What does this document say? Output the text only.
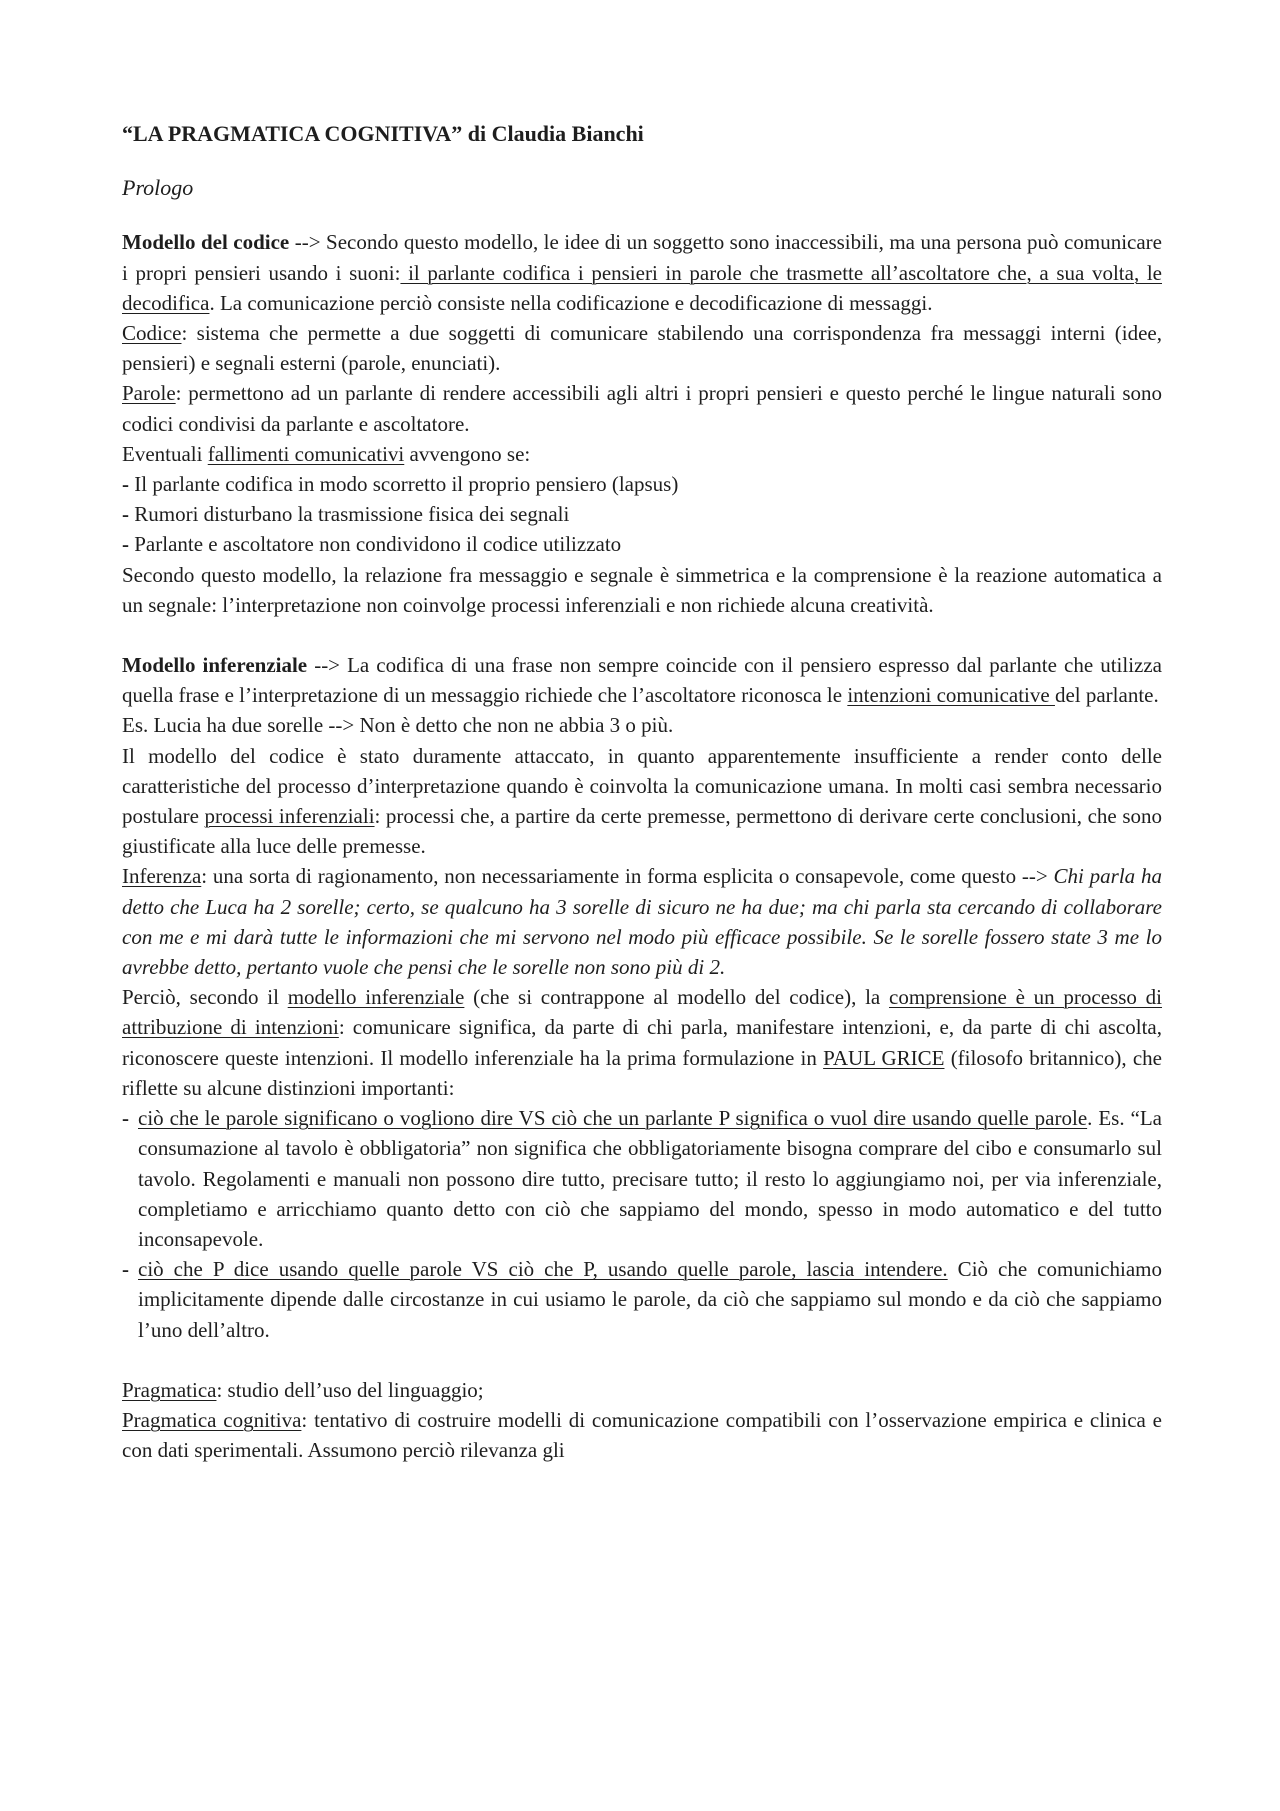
“LA PRAGMATICA COGNITIVA” di Claudia Bianchi

Prologo

Modello del codice --> Secondo questo modello, le idee di un soggetto sono inaccessibili, ma una persona può comunicare i propri pensieri usando i suoni: il parlante codifica i pensieri in parole che trasmette all’ascoltatore che, a sua volta, le decodifica. La comunicazione perciò consiste nella codificazione e decodificazione di messaggi.

Codice: sistema che permette a due soggetti di comunicare stabilendo una corrispondenza fra messaggi interni (idee, pensieri) e segnali esterni (parole, enunciati).

Parole: permettono ad un parlante di rendere accessibili agli altri i propri pensieri e questo perché le lingue naturali sono codici condivisi da parlante e ascoltatore.

Eventuali fallimenti comunicativi avvengono se:

- Il parlante codifica in modo scorretto il proprio pensiero (lapsus)

- Rumori disturbano la trasmissione fisica dei segnali

- Parlante e ascoltatore non condividono il codice utilizzato

Secondo questo modello, la relazione fra messaggio e segnale è simmetrica e la comprensione è la reazione automatica a un segnale: l’interpretazione non coinvolge processi inferenziali e non richiede alcuna creatività.

Modello inferenziale --> La codifica di una frase non sempre coincide con il pensiero espresso dal parlante che utilizza quella frase e l’interpretazione di un messaggio richiede che l’ascoltatore riconosca le intenzioni comunicative del parlante.

Es. Lucia ha due sorelle --> Non è detto che non ne abbia 3 o più.

Il modello del codice è stato duramente attaccato, in quanto apparentemente insufficiente a render conto delle caratteristiche del processo d’interpretazione quando è coinvolta la comunicazione umana. In molti casi sembra necessario postulare processi inferenziali: processi che, a partire da certe premesse, permettono di derivare certe conclusioni, che sono giustificate alla luce delle premesse.

Inferenza: una sorta di ragionamento, non necessariamente in forma esplicita o consapevole, come questo --> Chi parla ha detto che Luca ha 2 sorelle; certo, se qualcuno ha 3 sorelle di sicuro ne ha due; ma chi parla sta cercando di collaborare con me e mi darà tutte le informazioni che mi servono nel modo più efficace possibile. Se le sorelle fossero state 3 me lo avrebbe detto, pertanto vuole che pensi che le sorelle non sono più di 2.

Perciò, secondo il modello inferenziale (che si contrappone al modello del codice), la comprensione è un processo di attribuzione di intenzioni: comunicare significa, da parte di chi parla, manifestare intenzioni, e, da parte di chi ascolta, riconoscere queste intenzioni. Il modello inferenziale ha la prima formulazione in PAUL GRICE (filosofo britannico), che riflette su alcune distinzioni importanti:

- ciò che le parole significano o vogliono dire VS ciò che un parlante P significa o vuol dire usando quelle parole. Es. “La consumazione al tavolo è obbligatoria” non significa che obbligatoriamente bisogna comprare del cibo e consumarlo sul tavolo. Regolamenti e manuali non possono dire tutto, precisare tutto; il resto lo aggiungiamo noi, per via inferenziale, completiamo e arricchiamo quanto detto con ciò che sappiamo del mondo, spesso in modo automatico e del tutto inconsapevole.
- ciò che P dice usando quelle parole VS ciò che P, usando quelle parole, lascia intendere. Ciò che comunichiamo implicitamente dipende dalle circostanze in cui usiamo le parole, da ciò che sappiamo sul mondo e da ciò che sappiamo l’uno dell’altro.

Pragmatica: studio dell’uso del linguaggio;

Pragmatica cognitiva: tentativo di costruire modelli di comunicazione compatibili con l’osservazione empirica e clinica e con dati sperimentali. Assumono perciò rilevanza gli
